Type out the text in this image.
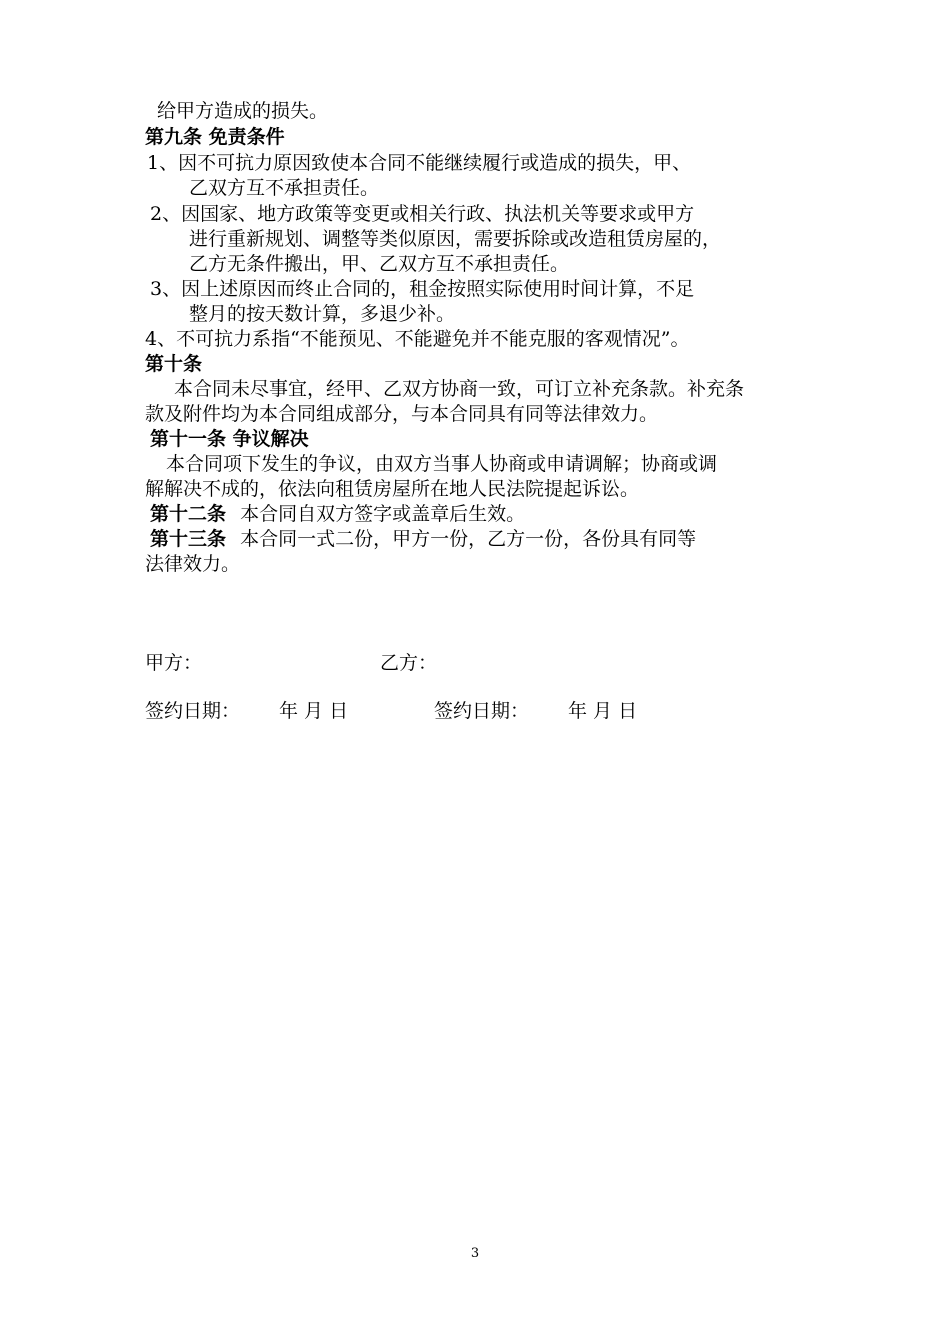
给甲方造成的损失。
第九条 免责条件
1、因不可抗力原因致使本合同不能继续履行或造成的损失，甲、
乙双方互不承担责任。
2、因国家、地方政策等变更或相关行政、执法机关等要求或甲方
进行重新规划、调整等类似原因，需要拆除或改造租赁房屋的，
乙方无条件搬出，甲、乙双方互不承担责任。
3、因上述原因而终止合同的，租金按照实际使用时间计算，不足
整月的按天数计算，多退少补。
4、不可抗力系指“不能预见、不能避免并不能克服的客观情况”。
第十条
本合同未尽事宜，经甲、乙双方协商一致，可订立补充条款。补充条
款及附件均为本合同组成部分，与本合同具有同等法律效力。
第十一条 争议解决
本合同项下发生的争议，由双方当事人协商或申请调解；协商或调
解解决不成的，依法向租赁房屋所在地人民法院提起诉讼。
第十二条 本合同自双方签字或盖章后生效。
第十三条 本合同一式二份，甲方一份，乙方一份，各份具有同等
法律效力。
甲方：	乙方：
签约日期： 年 月 日	签约日期： 年 月 日
3
